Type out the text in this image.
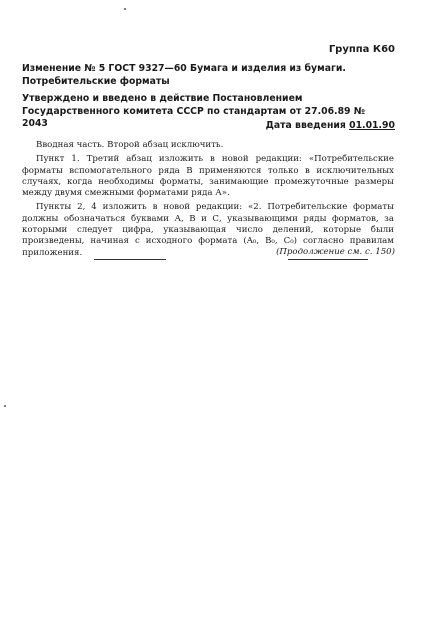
Группа К60
Изменение № 5 ГОСТ 9327—60 Бумага и изделия из бумаги. Потребительские форматы
Утверждено и введено в действие Постановлением Государственного комитета СССР по стандартам от 27.06.89 № 2043	Дата введения 01.01.90

Вводная часть. Второй абзац исключить.

Пункт 1. Третий абзац изложить в новой редакции: «Потребительские форматы вспомогательного ряда В применяются только в исключительных случаях, когда необходимы форматы, занимающие промежуточные размеры между двумя смежными форматами ряда А».

Пункты 2, 4 изложить в новой редакции: «2. Потребительские форматы должны обозначаться буквами А, В и С, указывающими ряды форматов, за которыми следует цифра, указывающая число делений, которые были произведены, начиная с исходного формата (A₀, B₀, C₀) согласно правилам приложения.	(Продолжение см. с. 150)
